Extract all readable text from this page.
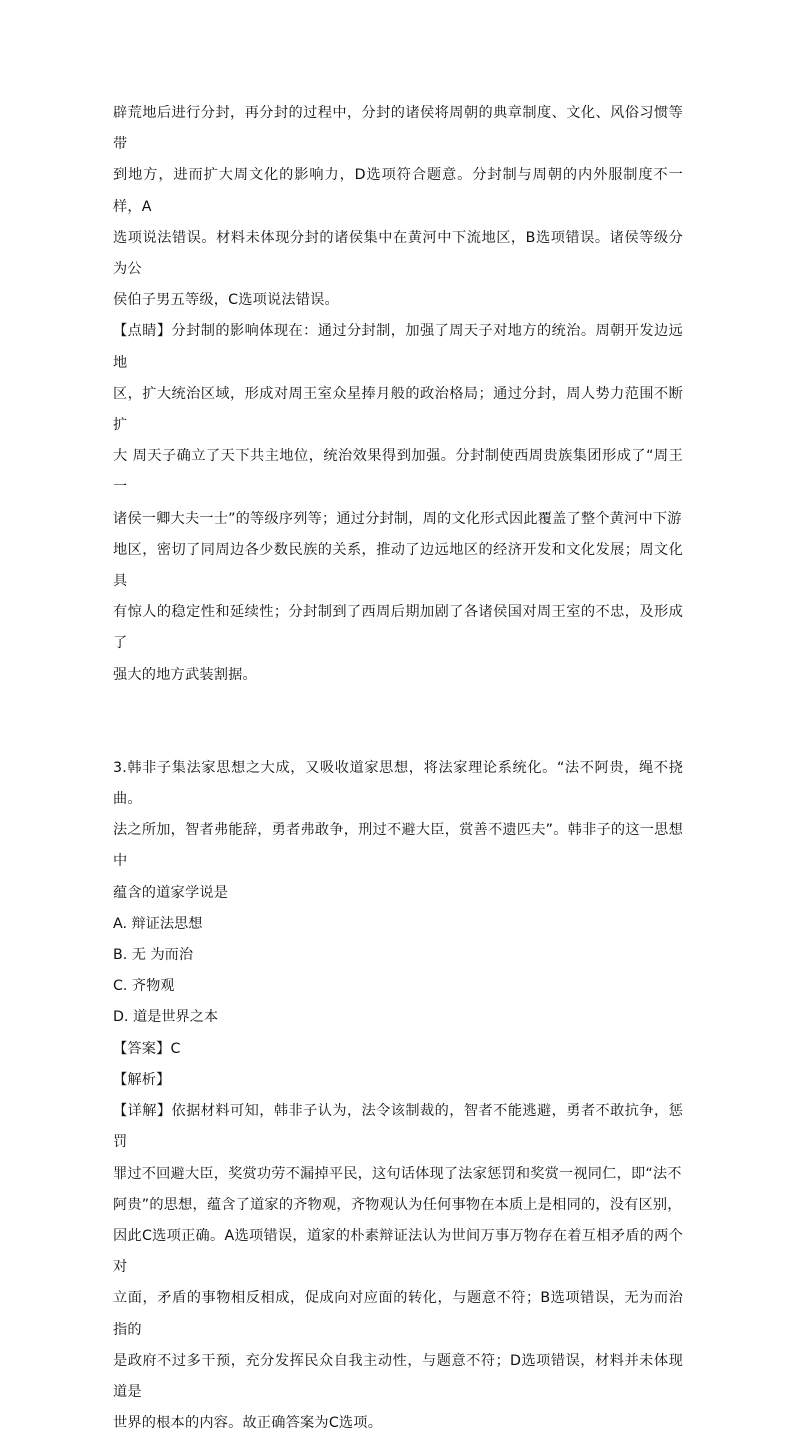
辟荒地后进行分封，再分封的过程中，分封的诸侯将周朝的典章制度、文化、风俗习惯等带

到地方，进而扩大周文化的影响力，D选项符合题意。分封制与周朝的内外服制度不一样，A

选项说法错误。材料未体现分封的诸侯集中在黄河中下流地区，B选项错误。诸侯等级分为公

侯伯子男五等级，C选项说法错误。

【点睛】分封制的影响体现在：通过分封制，加强了周天子对地方的统治。周朝开发边远地

区，扩大统治区域，形成对周王室众星捧月般的政治格局；通过分封，周人势力范围不断扩

大 周天子确立了天下共主地位，统治效果得到加强。分封制使西周贵族集团形成了“周王一

诸侯一卿大夫一士”的等级序列等；通过分封制，周的文化形式因此覆盖了整个黄河中下游

地区，密切了同周边各少数民族的关系，推动了边远地区的经济开发和文化发展；周文化具

有惊人的稳定性和延续性；分封制到了西周后期加剧了各诸侯国对周王室的不忠，及形成了

强大的地方武装割据。

3.韩非子集法家思想之大成，又吸收道家思想，将法家理论系统化。“法不阿贵，绳不挠曲。

法之所加，智者弗能辞，勇者弗敢争，刑过不避大臣，赏善不遗匹夫”。韩非子的这一思想中

蕴含的道家学说是

A. 辩证法思想

B. 无 为而治

C. 齐物观

D. 道是世界之本

【答案】C

【解析】

【详解】依据材料可知，韩非子认为，法令该制裁的，智者不能逃避，勇者不敢抗争，惩罚

罪过不回避大臣，奖赏功劳不漏掉平民，这句话体现了法家惩罚和奖赏一视同仁，即“法不

阿贵”的思想，蕴含了道家的齐物观，齐物观认为任何事物在本质上是相同的，没有区别，

因此C选项正确。A选项错误，道家的朴素辩证法认为世间万事万物存在着互相矛盾的两个对

立面，矛盾的事物相反相成，促成向对应面的转化，与题意不符；B选项错误，无为而治指的

是政府不过多干预，充分发挥民众自我主动性，与题意不符；D选项错误，材料并未体现道是

世界的根本的内容。故正确答案为C选项。
